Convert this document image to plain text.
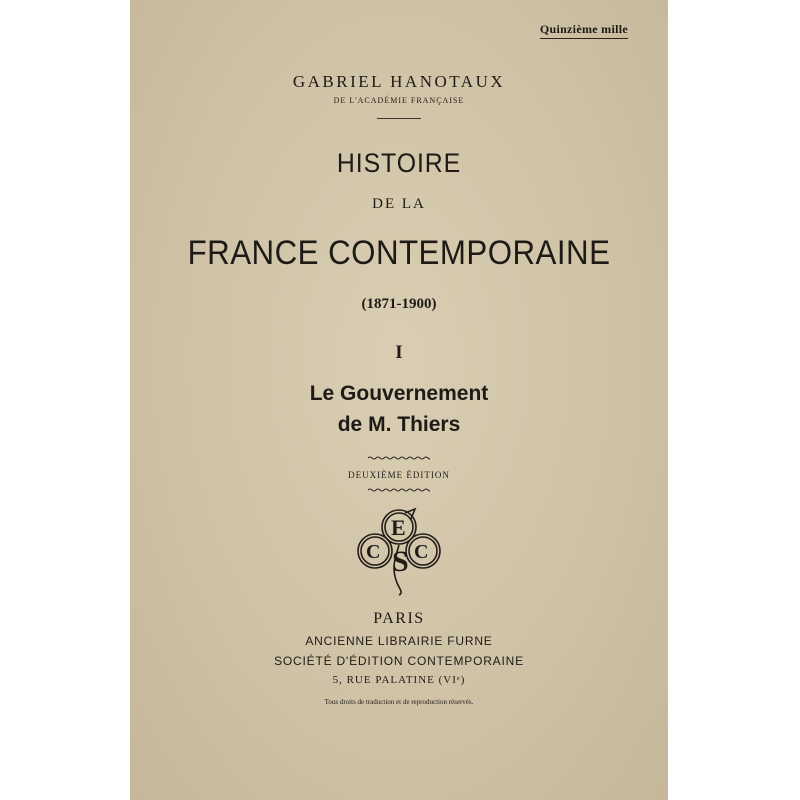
Quinzième mille

GABRIEL HANOTAUX

DE L'ACADÉMIE FRANÇAISE

HISTOIRE

DE LA

FRANCE CONTEMPORAINE

(1871-1900)

I

Le Gouvernement

de M. Thiers

DEUXIÈME ÉDITION

E
C C
S

PARIS

ANCIENNE LIBRAIRIE FURNE

SOCIÉTÉ D'ÉDITION CONTEMPORAINE

5, RUE PALATINE (VIᵉ)

Tous droits de traduction et de reproduction réservés.
